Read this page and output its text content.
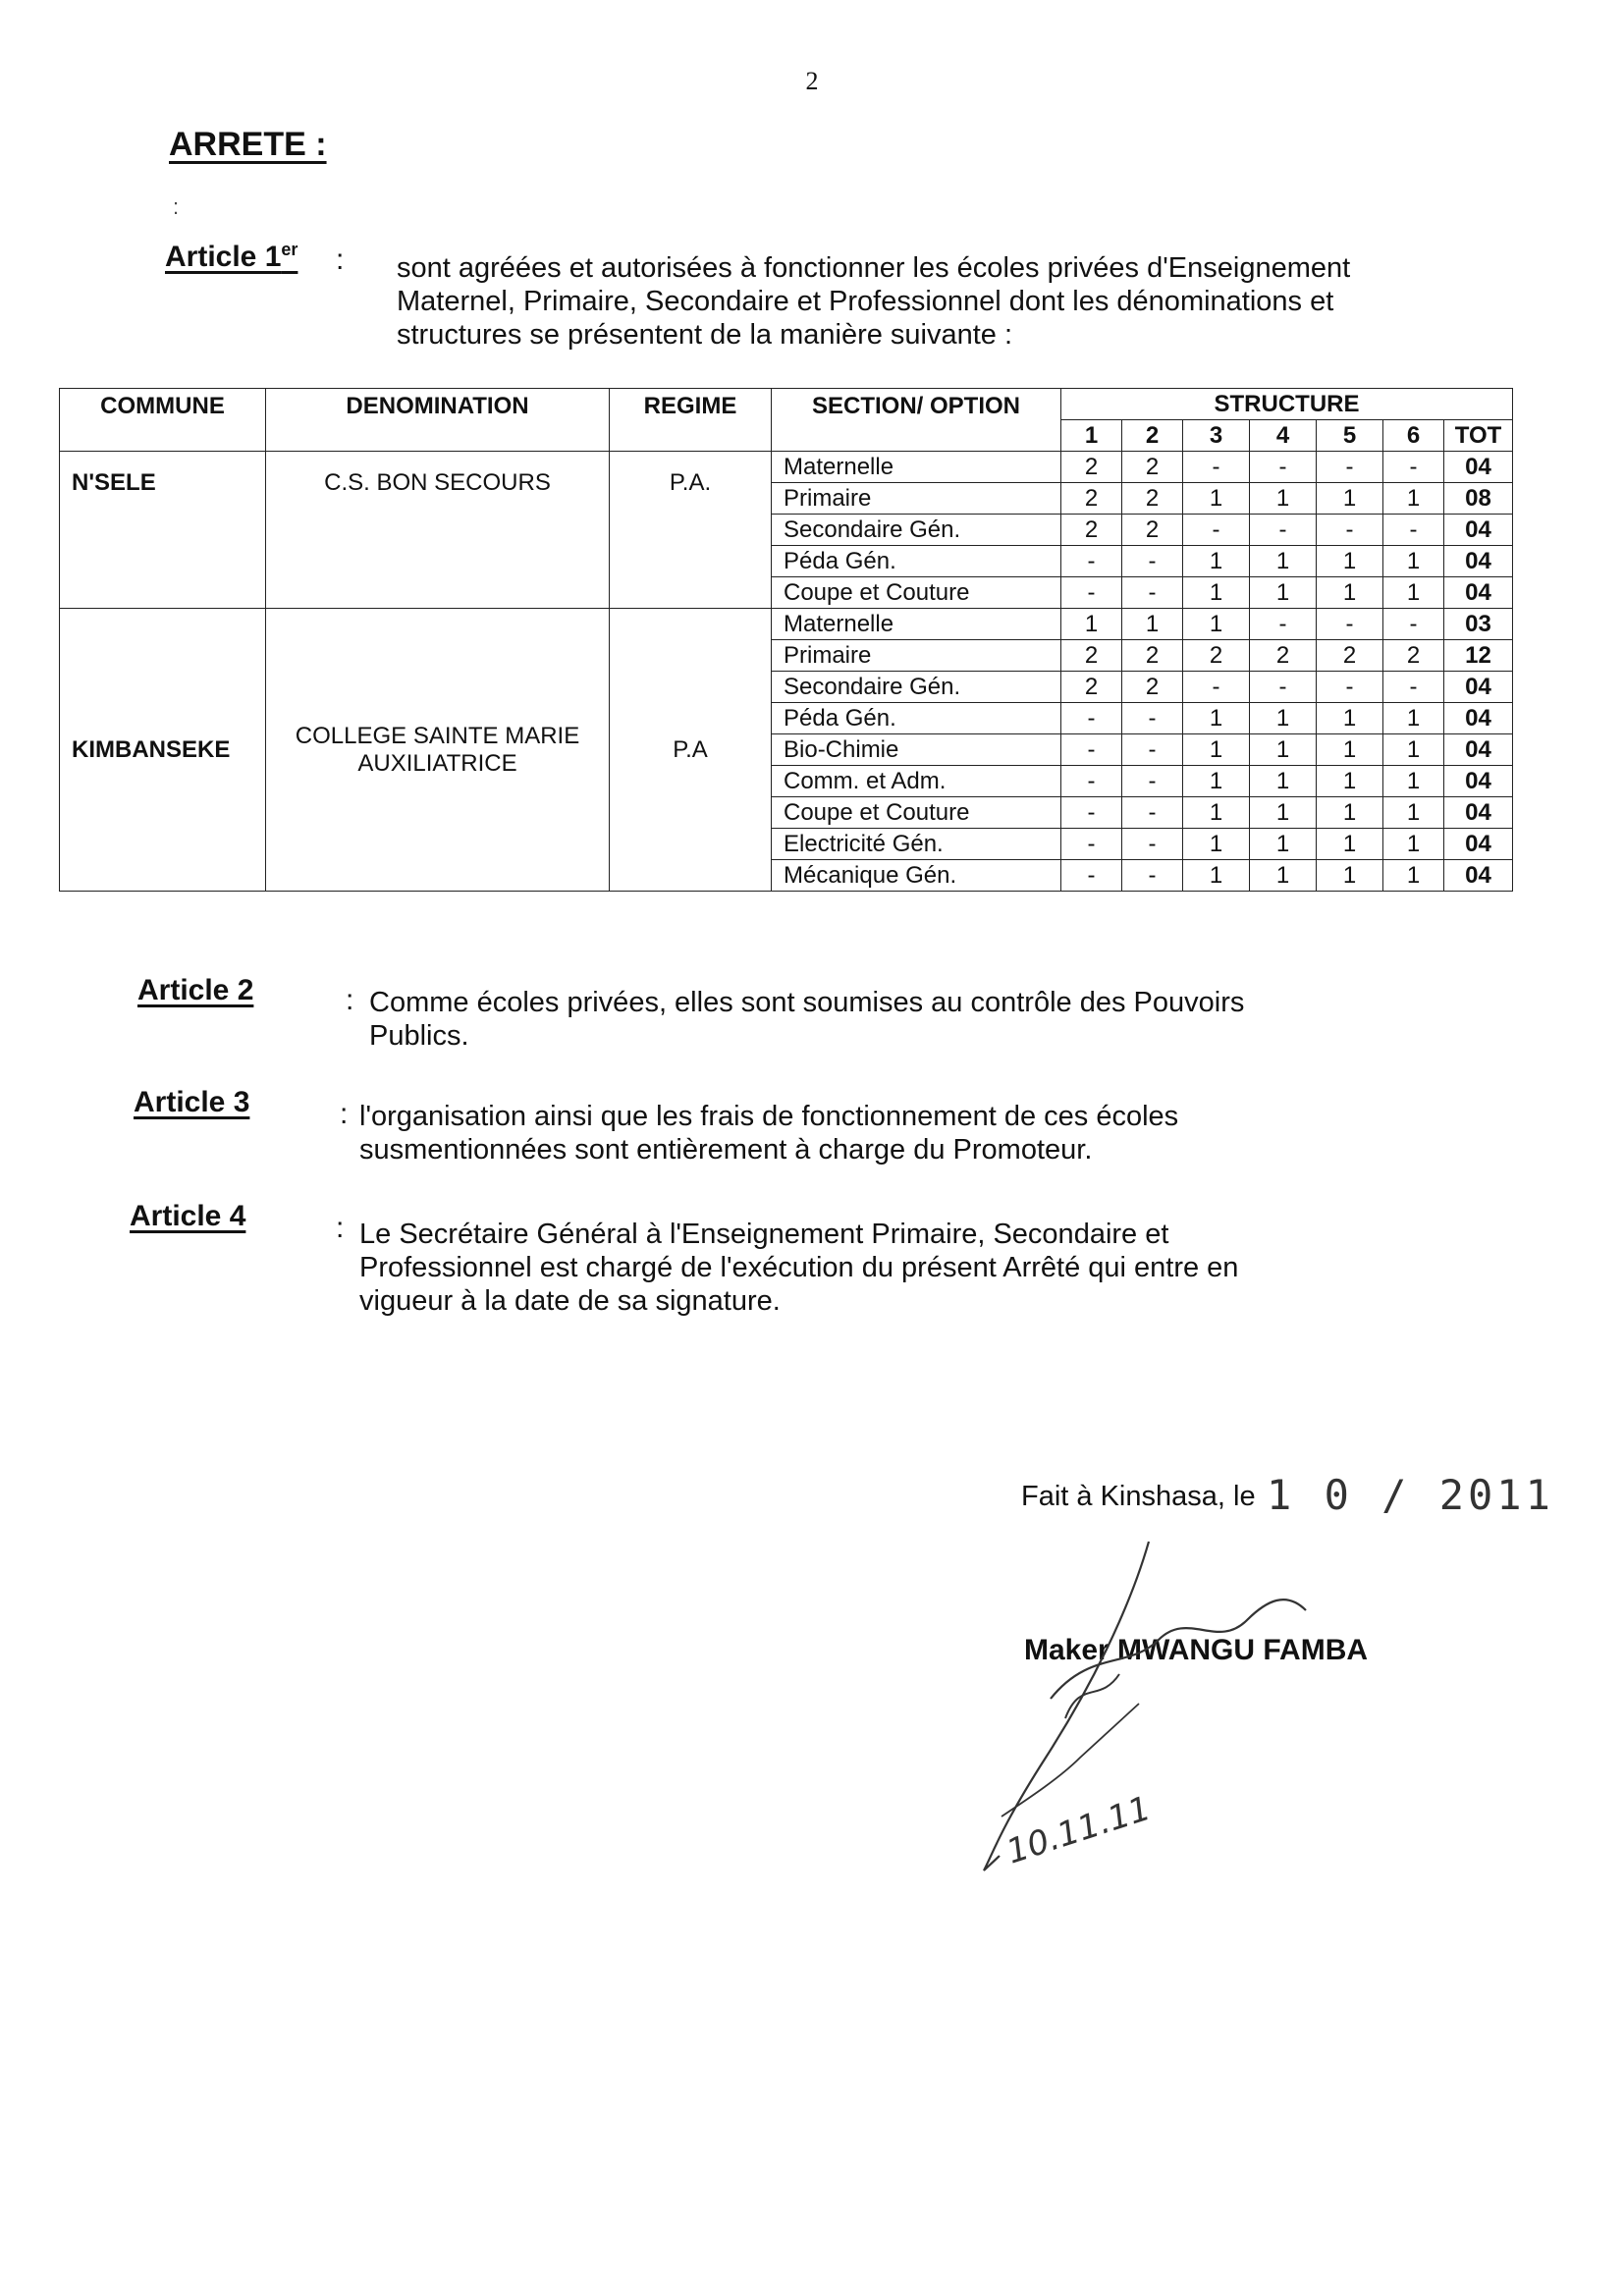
2
ARRETE :
:
Article 1er : sont agréées et autorisées à fonctionner les écoles privées d'Enseignement
Maternel, Primaire, Secondaire et Professionnel dont les dénominations et
structures se présentent de la manière suivante :
COMMUNE	DENOMINATION	REGIME	SECTION/ OPTION	STRUCTURE						
				1	2	3	4	5	6	TOT
N'SELE	C.S. BON SECOURS	P.A.	Maternelle	2	2	-	-	-	-	04
			Primaire	2	2	1	1	1	1	08
			Secondaire Gén.	2	2	-	-	-	-	04
			Péda Gén.	-	-	1	1	1	1	04
			Coupe et Couture	-	-	1	1	1	1	04
KIMBANSEKE	COLLEGE SAINTE MARIE AUXILIATRICE	P.A	Maternelle	1	1	1	-	-	-	03
			Primaire	2	2	2	2	2	2	12
			Secondaire Gén.	2	2	-	-	-	-	04
			Péda Gén.	-	-	1	1	1	1	04
			Bio-Chimie	-	-	1	1	1	1	04
			Comm. et Adm.	-	-	1	1	1	1	04
			Coupe et Couture	-	-	1	1	1	1	04
			Electricité Gén.	-	-	1	1	1	1	04
			Mécanique Gén.	-	-	1	1	1	1	04
Article 2	: Comme écoles privées, elles sont soumises au contrôle des Pouvoirs
Publics.
Article 3	: l'organisation ainsi que les frais de fonctionnement de ces écoles
susmentionnées sont entièrement à charge du Promoteur.
Article 4	: Le Secrétaire Général à l'Enseignement Primaire, Secondaire et
Professionnel est chargé de l'exécution du présent Arrêté qui entre en
vigueur à la date de sa signature.
Fait à Kinshasa, le 1 0 / 2011
Maker MWANGU FAMBA
10.11.11
